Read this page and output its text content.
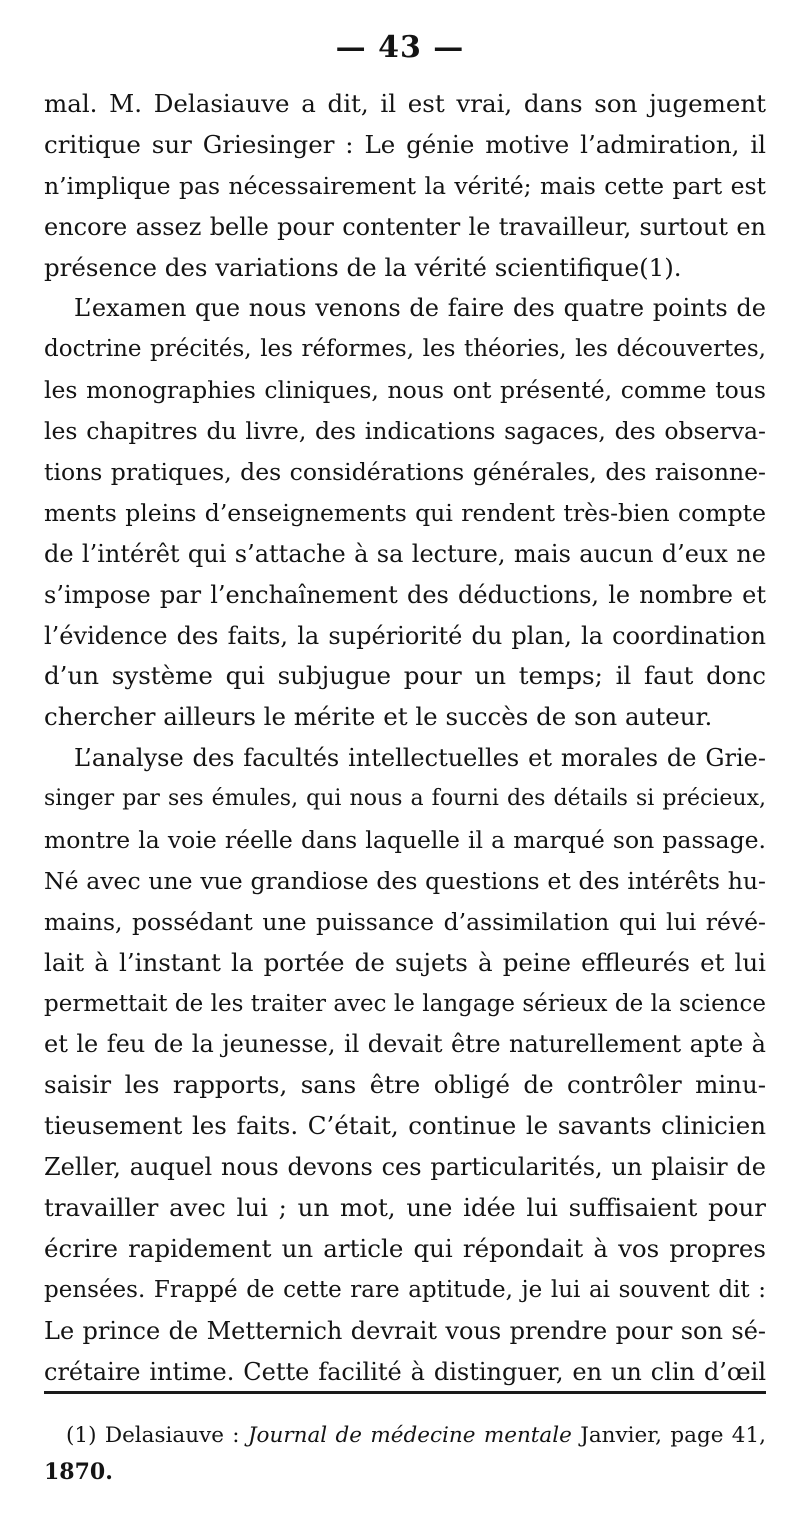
— 43 —
mal. M. Delasiauve a dit, il est vrai, dans son jugement
critique sur Griesinger : Le génie motive l’admiration, il
n’implique pas nécessairement la vérité; mais cette part est
encore assez belle pour contenter le travailleur, surtout en
présence des variations de la vérité scientifique(1).
L’examen que nous venons de faire des quatre points de
doctrine précités, les réformes, les théories, les découvertes,
les monographies cliniques, nous ont présenté, comme tous
les chapitres du livre, des indications sagaces, des observa-
tions pratiques, des considérations générales, des raisonne-
ments pleins d’enseignements qui rendent très-bien compte
de l’intérêt qui s’attache à sa lecture, mais aucun d’eux ne
s’impose par l’enchaînement des déductions, le nombre et
l’évidence des faits, la supériorité du plan, la coordination
d’un système qui subjugue pour un temps; il faut donc
chercher ailleurs le mérite et le succès de son auteur.
L’analyse des facultés intellectuelles et morales de Grie-
singer par ses émules, qui nous a fourni des détails si précieux,
montre la voie réelle dans laquelle il a marqué son passage.
Né avec une vue grandiose des questions et des intérêts hu-
mains, possédant une puissance d’assimilation qui lui révé-
lait à l’instant la portée de sujets à peine effleurés et lui
permettait de les traiter avec le langage sérieux de la science
et le feu de la jeunesse, il devait être naturellement apte à
saisir les rapports, sans être obligé de contrôler minu-
tieusement les faits. C’était, continue le savants clinicien
Zeller, auquel nous devons ces particularités, un plaisir de
travailler avec lui ; un mot, une idée lui suffisaient pour
écrire rapidement un article qui répondait à vos propres
pensées. Frappé de cette rare aptitude, je lui ai souvent dit :
Le prince de Metternich devrait vous prendre pour son sé-
crétaire intime. Cette facilité à distinguer, en un clin d’œil
(1) Delasiauve : Journal de médecine mentale Janvier, page 41,
1870.
